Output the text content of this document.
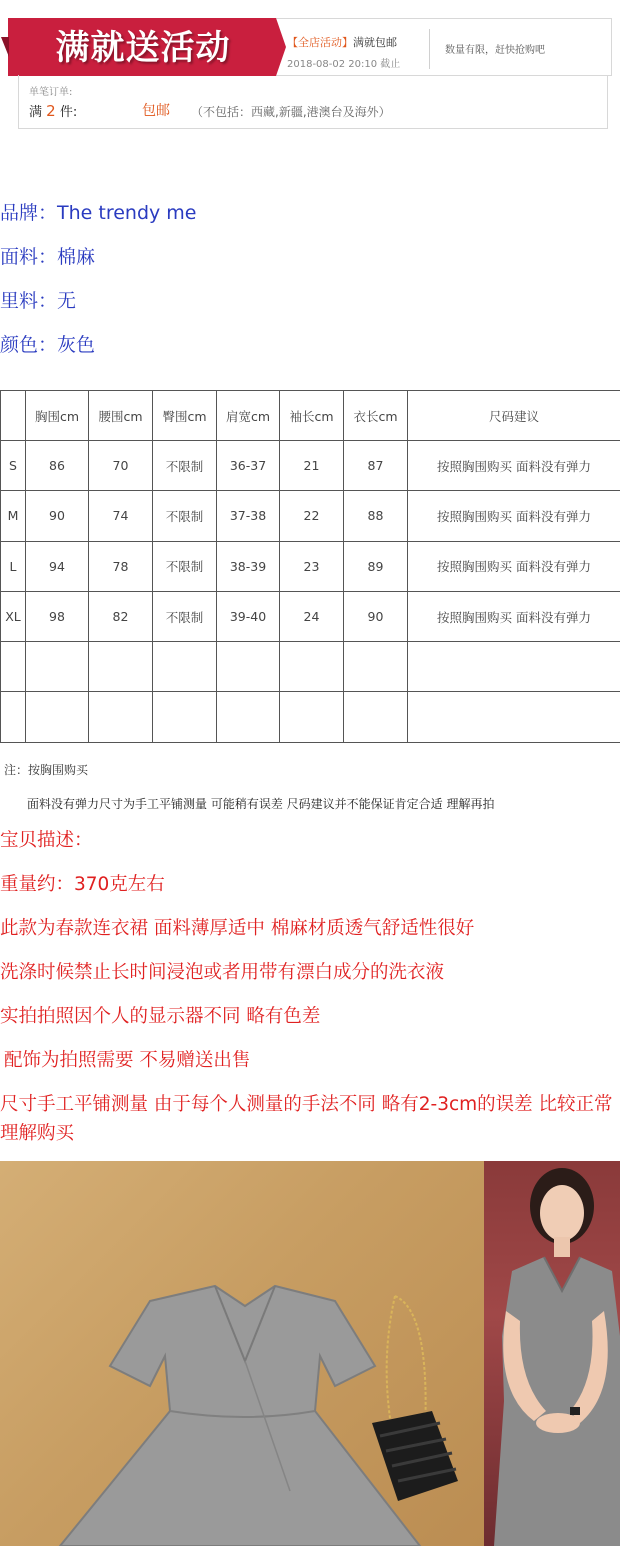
满就送活动	【全店活动】满就包邮
2018-08-02 20:10 截止
数量有限，赶快抢购吧
单笔订单:
满 2 件:	包邮 （不包括：西藏,新疆,港澳台及海外）
品牌：The trendy me
面料：棉麻
里料：无
颜色：灰色
	胸围cm	腰围cm	臀围cm	肩宽cm	袖长cm	衣长cm	尺码建议
S	86	70	不限制	36-37	21	87	按照胸围购买 面料没有弹力
M	90	74	不限制	37-38	22	88	按照胸围购买 面料没有弹力
L	94	78	不限制	38-39	23	89	按照胸围购买 面料没有弹力
XL	98	82	不限制	39-40	24	90	按照胸围购买 面料没有弹力

注：按胸围购买
面料没有弹力尺寸为手工平铺测量 可能稍有误差 尺码建议并不能保证肯定合适 理解再拍
宝贝描述：
重量约：370克左右
此款为春款连衣裙 面料薄厚适中 棉麻材质透气舒适性很好
洗涤时候禁止长时间浸泡或者用带有漂白成分的洗衣液
实拍拍照因个人的显示器不同 略有色差
配饰为拍照需要 不易赠送出售
尺寸手工平铺测量 由于每个人测量的手法不同 略有2-3cm的误差 比较正常 理解购买
